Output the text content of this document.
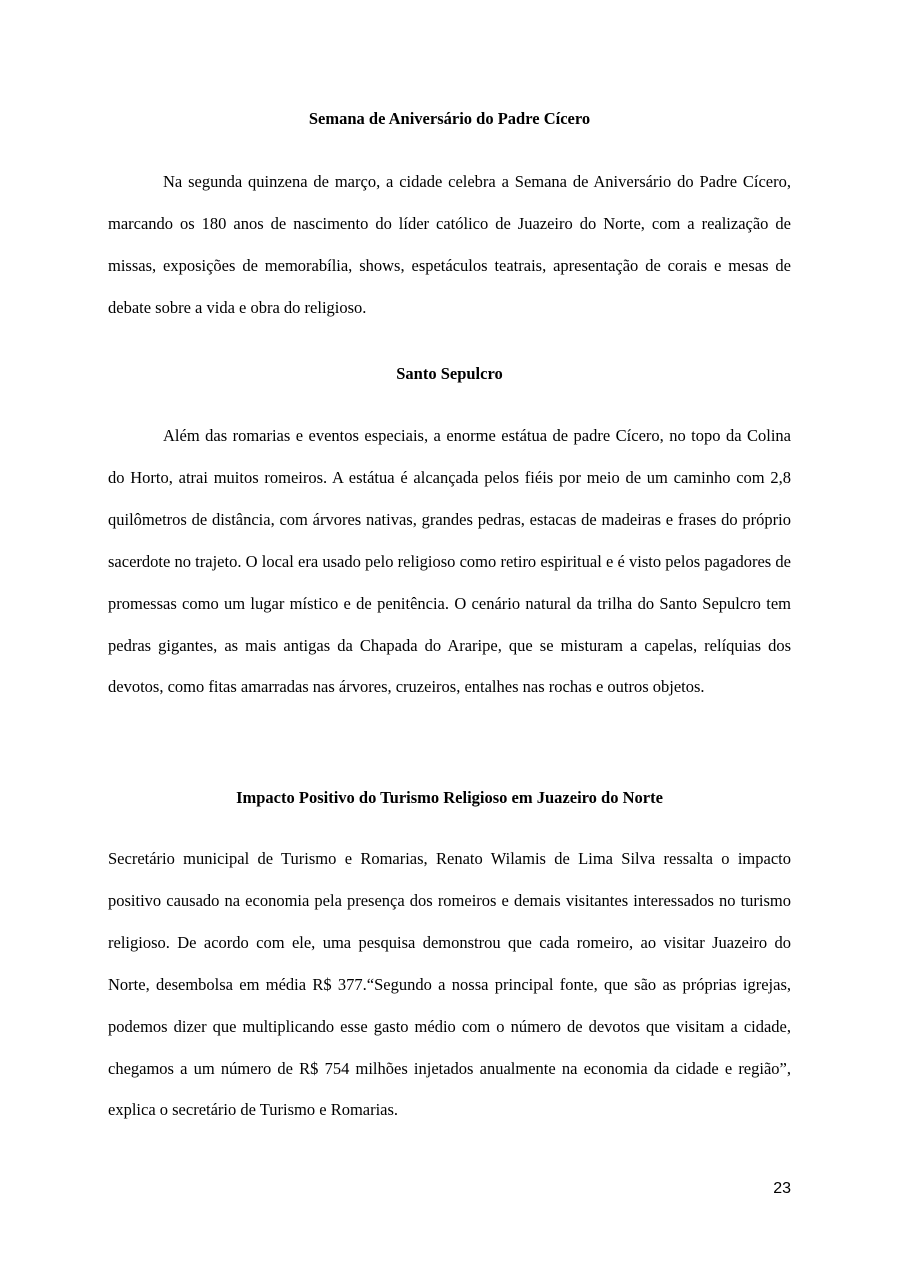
Semana de Aniversário do Padre Cícero

Na segunda quinzena de março, a cidade celebra a Semana de Aniversário do Padre Cícero, marcando os 180 anos de nascimento do líder católico de Juazeiro do Norte, com a realização de missas, exposições de memorabília, shows, espetáculos teatrais, apresentação de corais e mesas de debate sobre a vida e obra do religioso.

Santo Sepulcro

Além das romarias e eventos especiais, a enorme estátua de padre Cícero, no topo da Colina do Horto, atrai muitos romeiros. A estátua é alcançada pelos fiéis por meio de um caminho com 2,8 quilômetros de distância, com árvores nativas, grandes pedras, estacas de madeiras e frases do próprio sacerdote no trajeto. O local era usado pelo religioso como retiro espiritual e é visto pelos pagadores de promessas como um lugar místico e de penitência. O cenário natural da trilha do Santo Sepulcro tem pedras gigantes, as mais antigas da Chapada do Araripe, que se misturam a capelas, relíquias dos devotos, como fitas amarradas nas árvores, cruzeiros, entalhes nas rochas e outros objetos.

Impacto Positivo do Turismo Religioso em Juazeiro do Norte

Secretário municipal de Turismo e Romarias, Renato Wilamis de Lima Silva ressalta o impacto positivo causado na economia pela presença dos romeiros e demais visitantes interessados no turismo religioso. De acordo com ele, uma pesquisa demonstrou que cada romeiro, ao visitar Juazeiro do Norte, desembolsa em média R$ 377.“Segundo a nossa principal fonte, que são as próprias igrejas, podemos dizer que multiplicando esse gasto médio com o número de devotos que visitam a cidade, chegamos a um número de R$ 754 milhões injetados anualmente na economia da cidade e região”, explica o secretário de Turismo e Romarias.

23
